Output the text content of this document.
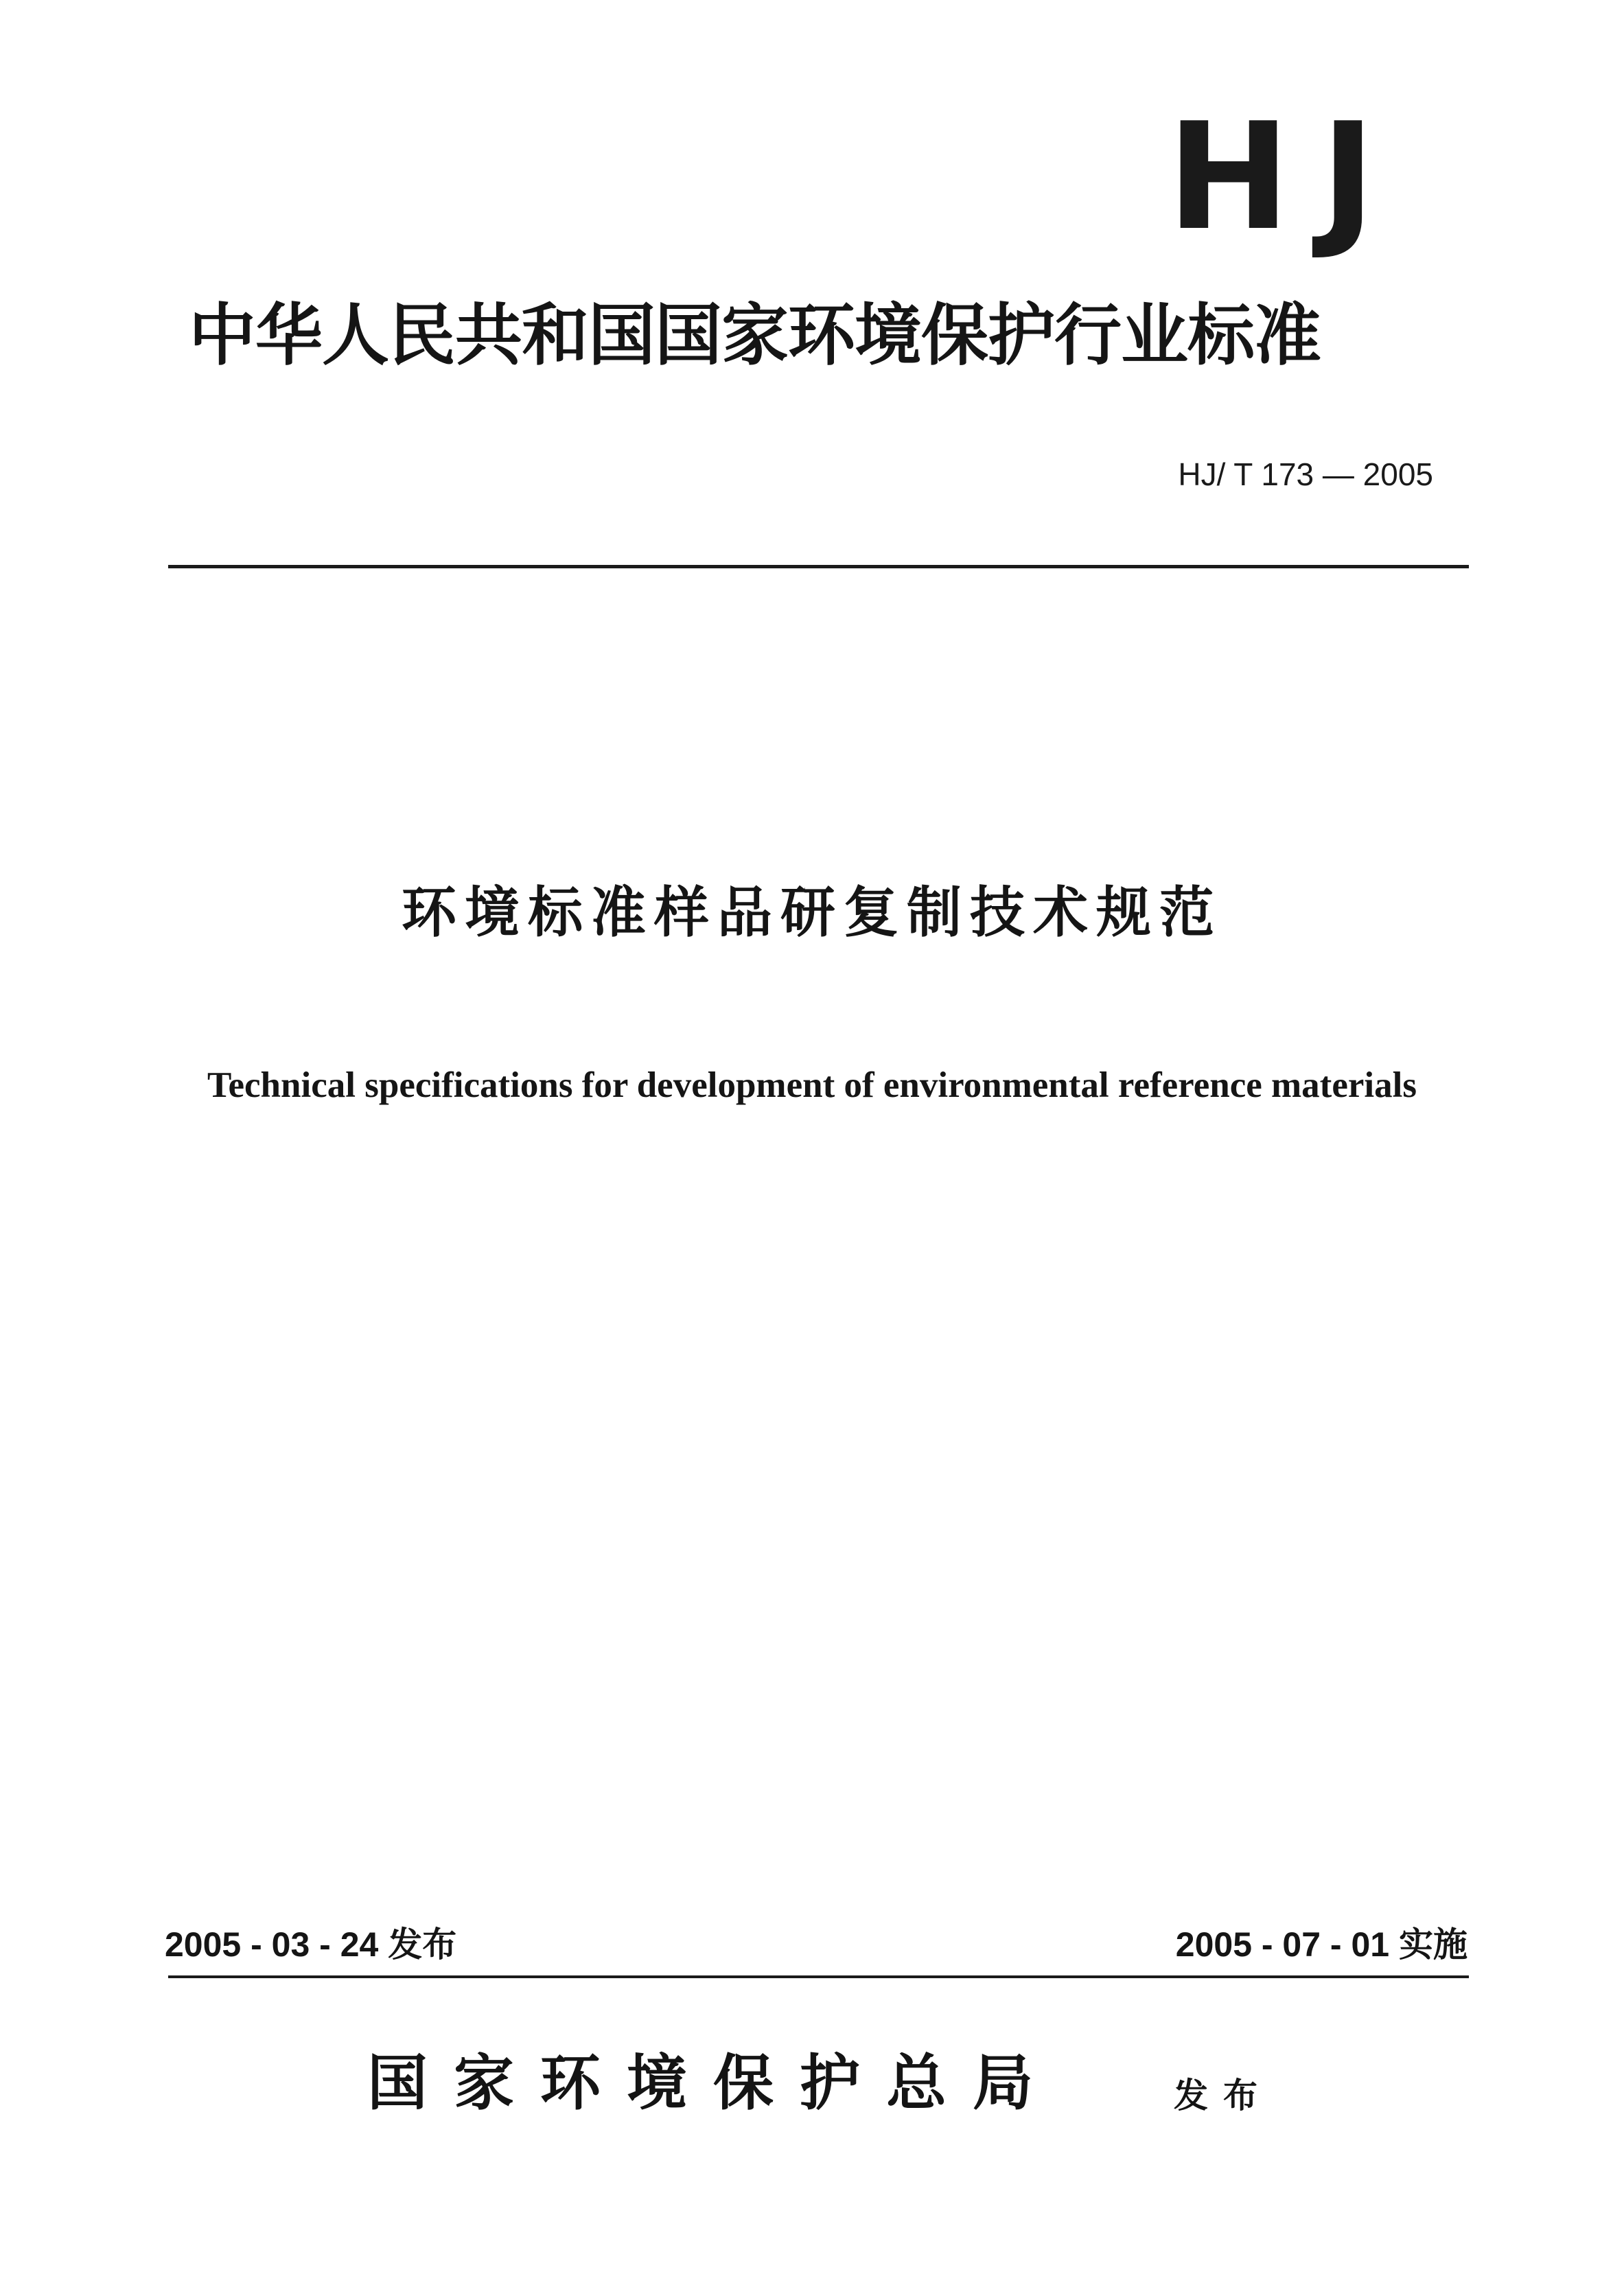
HJ
中华人民共和国国家环境保护行业标准
HJ/ T 173 — 2005
环境标准样品研复制技术规范
Technical specifications for development of environmental reference materials
2005 - 03 - 24 发布	2005 - 07 - 01 实施
国家环境保护总局	发布
